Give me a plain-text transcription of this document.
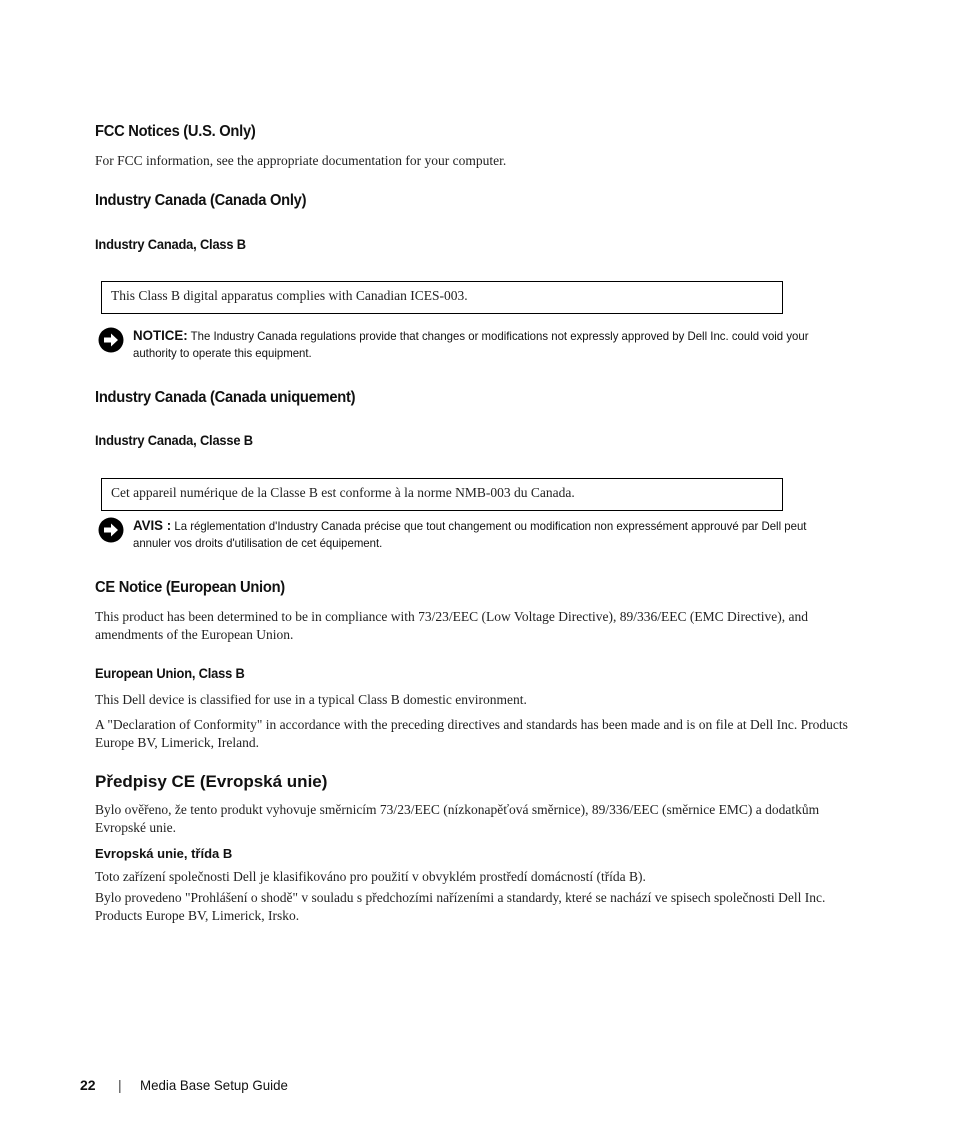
FCC Notices (U.S. Only)
For FCC information, see the appropriate documentation for your computer.
Industry Canada (Canada Only)
Industry Canada, Class B
This Class B digital apparatus complies with Canadian ICES-003.
NOTICE: The Industry Canada regulations provide that changes or modifications not expressly approved by Dell Inc. could void your authority to operate this equipment.
Industry Canada (Canada uniquement)
Industry Canada, Classe B
Cet appareil numérique de la Classe B est conforme à la norme NMB-003 du Canada.
AVIS : La réglementation d'Industry Canada précise que tout changement ou modification non expressément approuvé par Dell peut annuler vos droits d'utilisation de cet équipement.
CE Notice (European Union)
This product has been determined to be in compliance with 73/23/EEC (Low Voltage Directive), 89/336/EEC (EMC Directive), and amendments of the European Union.
European Union, Class B
This Dell device is classified for use in a typical Class B domestic environment.
A "Declaration of Conformity" in accordance with the preceding directives and standards has been made and is on file at Dell Inc. Products Europe BV, Limerick, Ireland.
Předpisy CE (Evropská unie)
Bylo ověřeno, že tento produkt vyhovuje směrnicím 73/23/EEC (nízkonapěťová směrnice), 89/336/EEC (směrnice EMC) a dodatkům Evropské unie.
Evropská unie, třída B
Toto zařízení společnosti Dell je klasifikováno pro použití v obvyklém prostředí domácností (třída B).
Bylo provedeno "Prohlášení o shodě" v souladu s předchozími nařízeními a standardy, které se nachází ve spisech společnosti Dell Inc. Products Europe BV, Limerick, Irsko.
22 | Media Base Setup Guide
